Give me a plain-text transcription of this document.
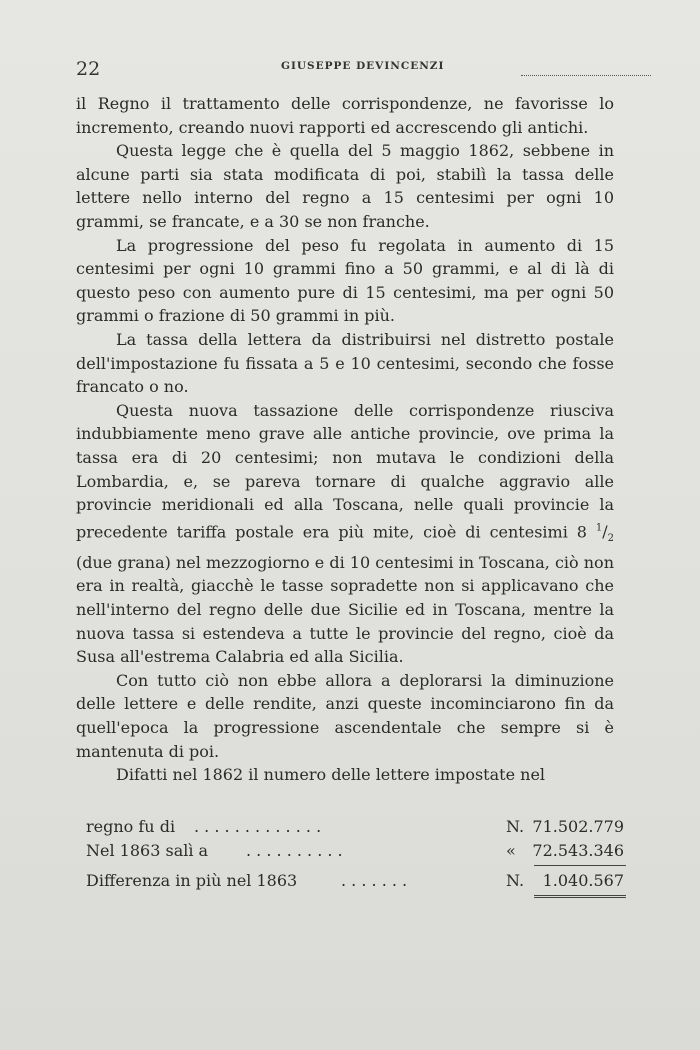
22	GIUSEPPE DEVINCENZI

il Regno il trattamento delle corrispondenze, ne favorisse lo incremento, creando nuovi rapporti ed accrescendo gli antichi.

Questa legge che è quella del 5 maggio 1862, sebbene in alcune parti sia stata modificata di poi, stabilì la tassa delle lettere nello interno del regno a 15 centesimi per ogni 10 grammi, se francate, e a 30 se non franche.

La progressione del peso fu regolata in aumento di 15 centesimi per ogni 10 grammi fino a 50 grammi, e al di là di questo peso con aumento pure di 15 centesimi, ma per ogni 50 grammi o frazione di 50 grammi in più.

La tassa della lettera da distribuirsi nel distretto postale dell'impostazione fu fissata a 5 e 10 centesimi, secondo che fosse francato o no.

Questa nuova tassazione delle corrispondenze riusciva indubbiamente meno grave alle antiche provincie, ove prima la tassa era di 20 centesimi; non mutava le condizioni della Lombardia, e, se pareva tornare di qualche aggravio alle provincie meridionali ed alla Toscana, nelle quali provincie la precedente tariffa postale era più mite, cioè di centesimi 8 $^1/_2$ (due grana) nel mezzogiorno e di 10 centesimi in Toscana, ciò non era in realtà, giacchè le tasse sopradette non si applicavano che nell'interno del regno delle due Sicilie ed in Toscana, mentre la nuova tassa si estendeva a tutte le provincie del regno, cioè da Susa all'estrema Calabria ed alla Sicilia.

Con tutto ciò non ebbe allora a deplorarsi la diminuzione delle lettere e delle rendite, anzi queste incominciarono fin da quell'epoca la progressione ascendentale che sempre si è mantenuta di poi.

Difatti nel 1862 il numero delle lettere impostate nel

. . . . . . . . . . . . .
regno fu di	N. 71.502.779
. . . . . . . . . .
Nel 1863 salì a	« 72.543.346
. . . . . . .
Differenza in più nel 1863	N. 1.040.567
